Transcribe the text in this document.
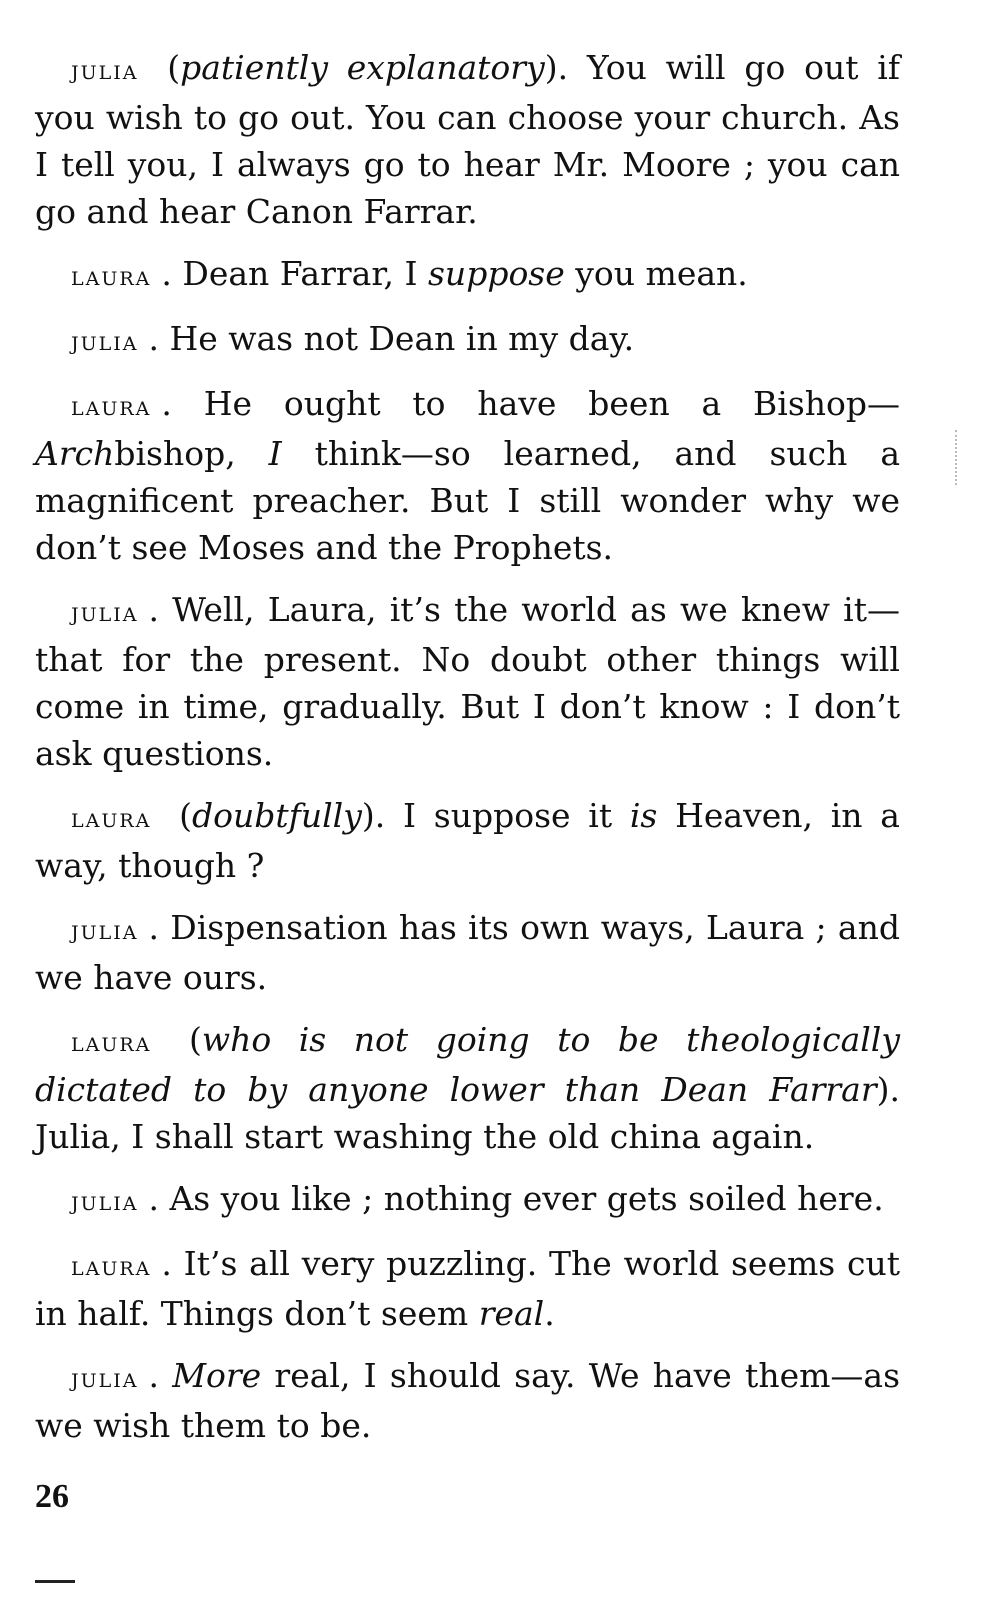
julia (patiently explanatory). You will go out if you wish to go out. You can choose your church. As I tell you, I always go to hear Mr. Moore ; you can go and hear Canon Farrar.

laura . Dean Farrar, I suppose you mean.

julia . He was not Dean in my day.

laura . He ought to have been a Bishop—Archbishop, I think—so learned, and such a magnificent preacher. But I still wonder why we don’t see Moses and the Prophets.

julia . Well, Laura, it’s the world as we knew it—that for the present. No doubt other things will come in time, gradually. But I don’t know : I don’t ask questions.

laura (doubtfully). I suppose it is Heaven, in a way, though ?

julia . Dispensation has its own ways, Laura ; and we have ours.

laura (who is not going to be theologically dictated to by anyone lower than Dean Farrar). Julia, I shall start washing the old china again.

julia . As you like ; nothing ever gets soiled here.

laura . It’s all very puzzling. The world seems cut in half. Things don’t seem real.

julia . More real, I should say. We have them—as we wish them to be.

26
